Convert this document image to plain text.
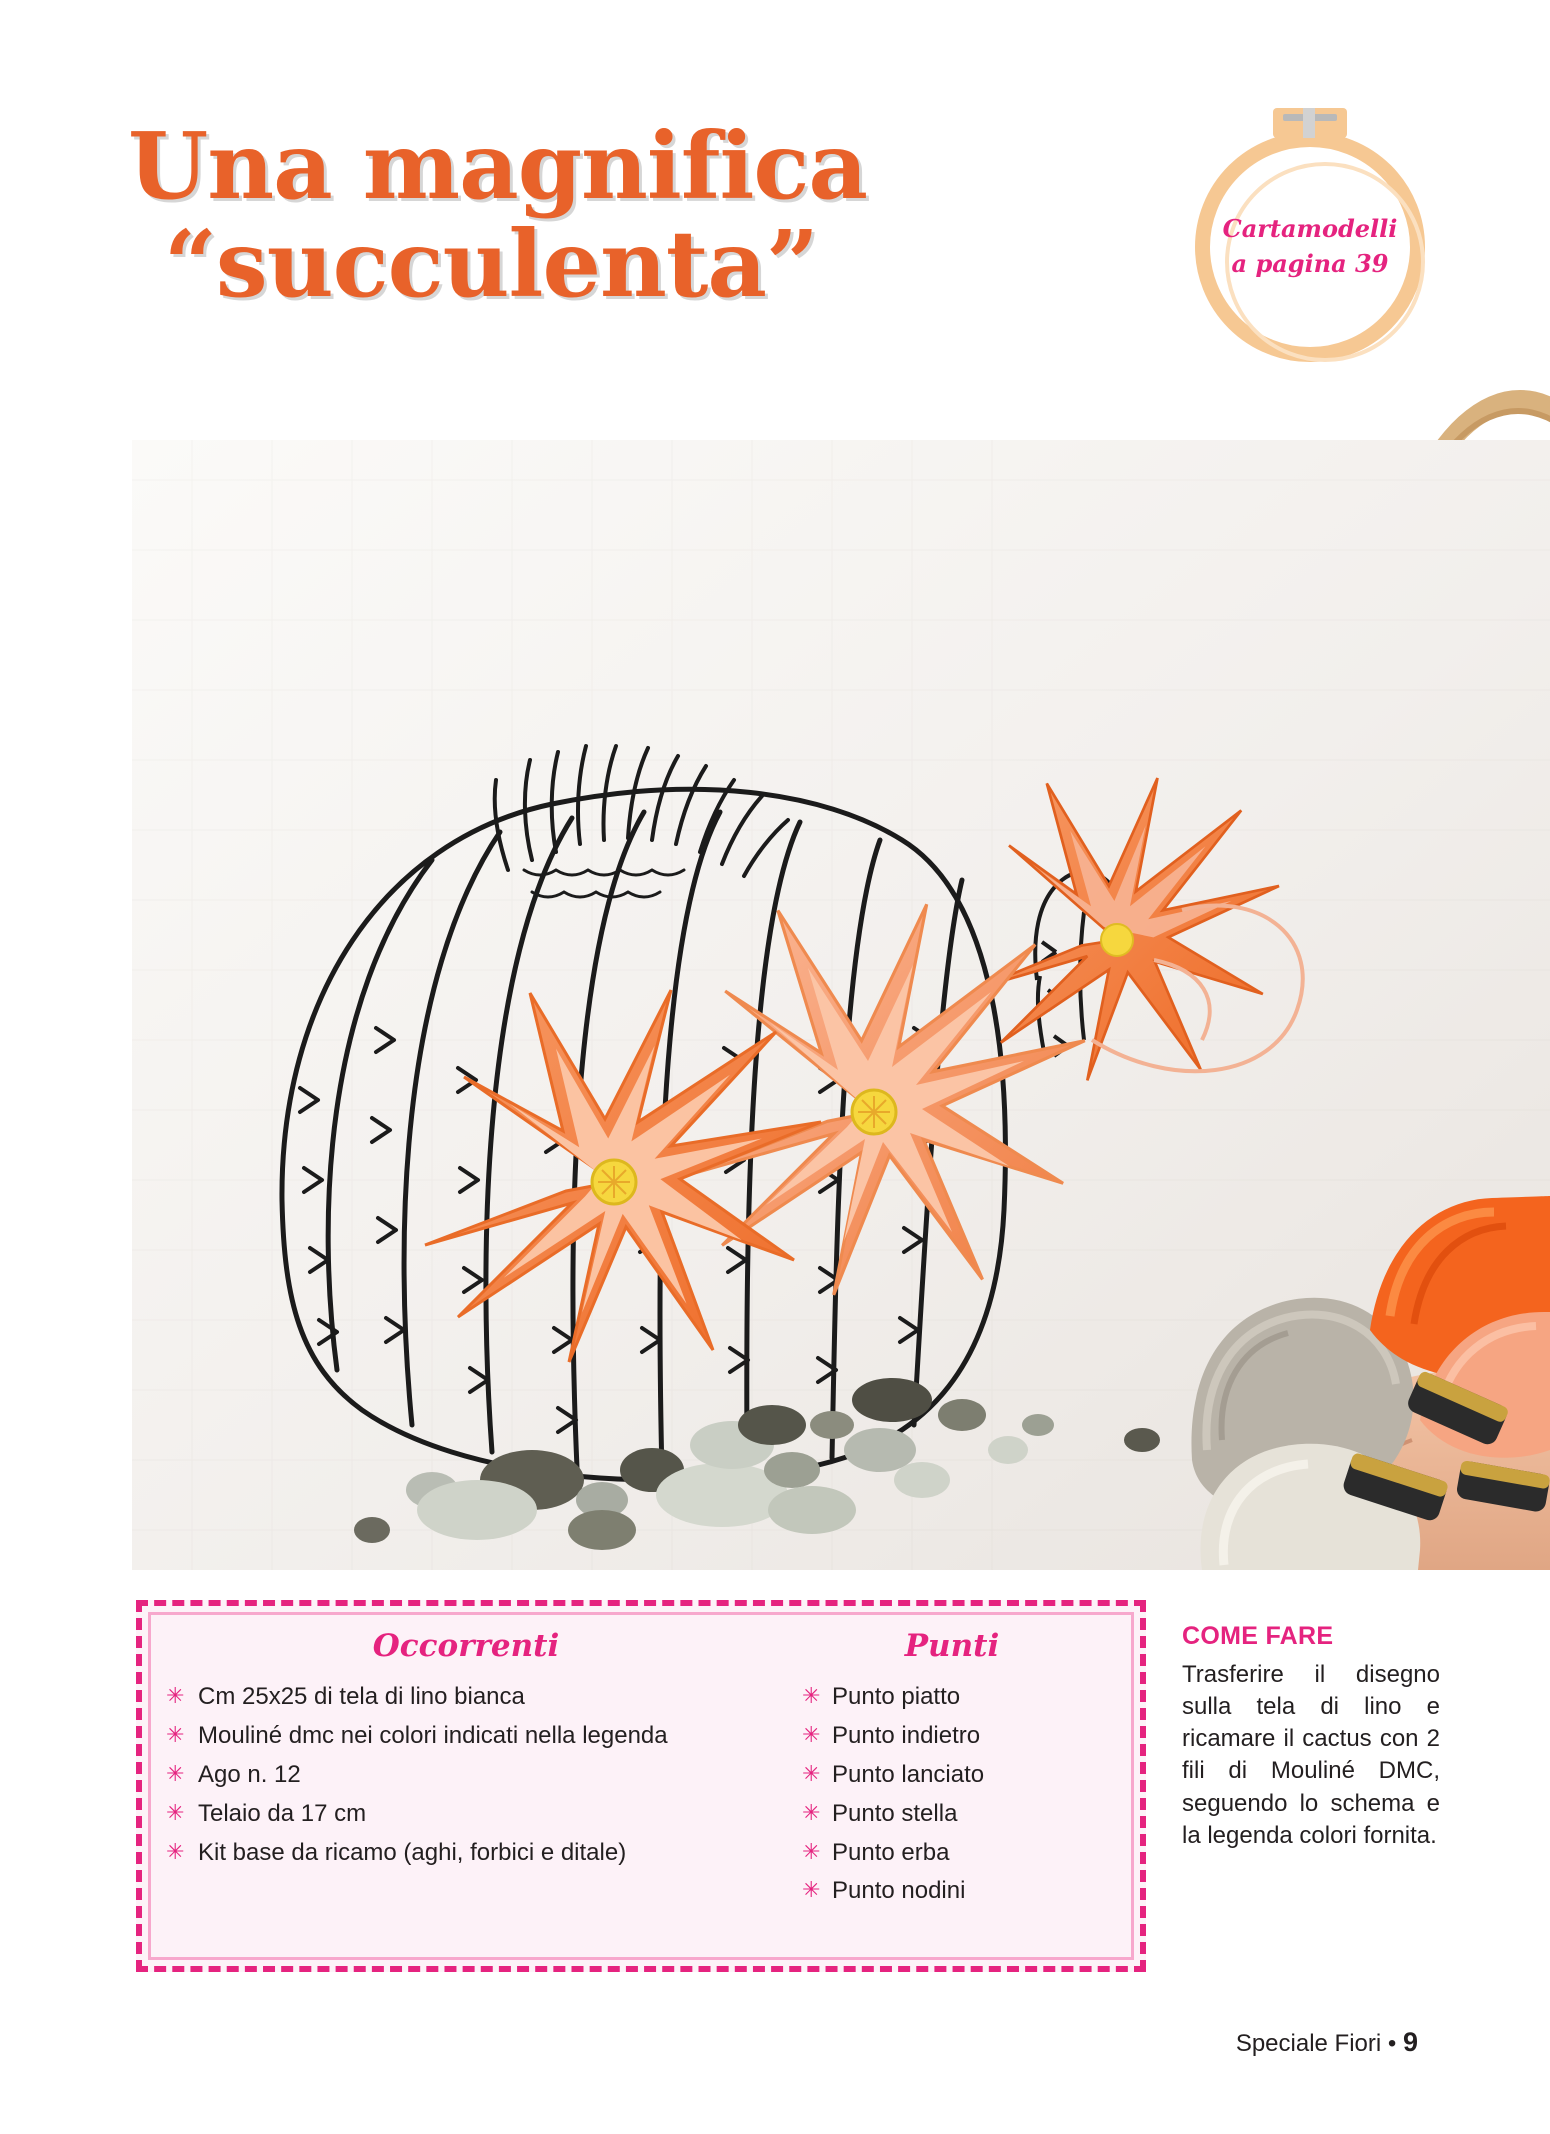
Una magnifica
“succulenta”	Cartamodelli
a pagina 39
Occorrenti
✳ Cm 25x25 di tela di lino bianca
✳ Mouliné dmc nei colori indicati nella legenda
✳ Ago n. 12
✳ Telaio da 17 cm
✳ Kit base da ricamo (aghi, forbici e ditale)
Punti
✳ Punto piatto
✳ Punto indietro
✳ Punto lanciato
✳ Punto stella
✳ Punto erba
✳ Punto nodini
COME FARE
Trasferire il disegno sulla tela di lino e ricamare il cactus con 2 fili di Mouliné DMC, seguendo lo schema e la legenda colori fornita.
Speciale Fiori • 9
